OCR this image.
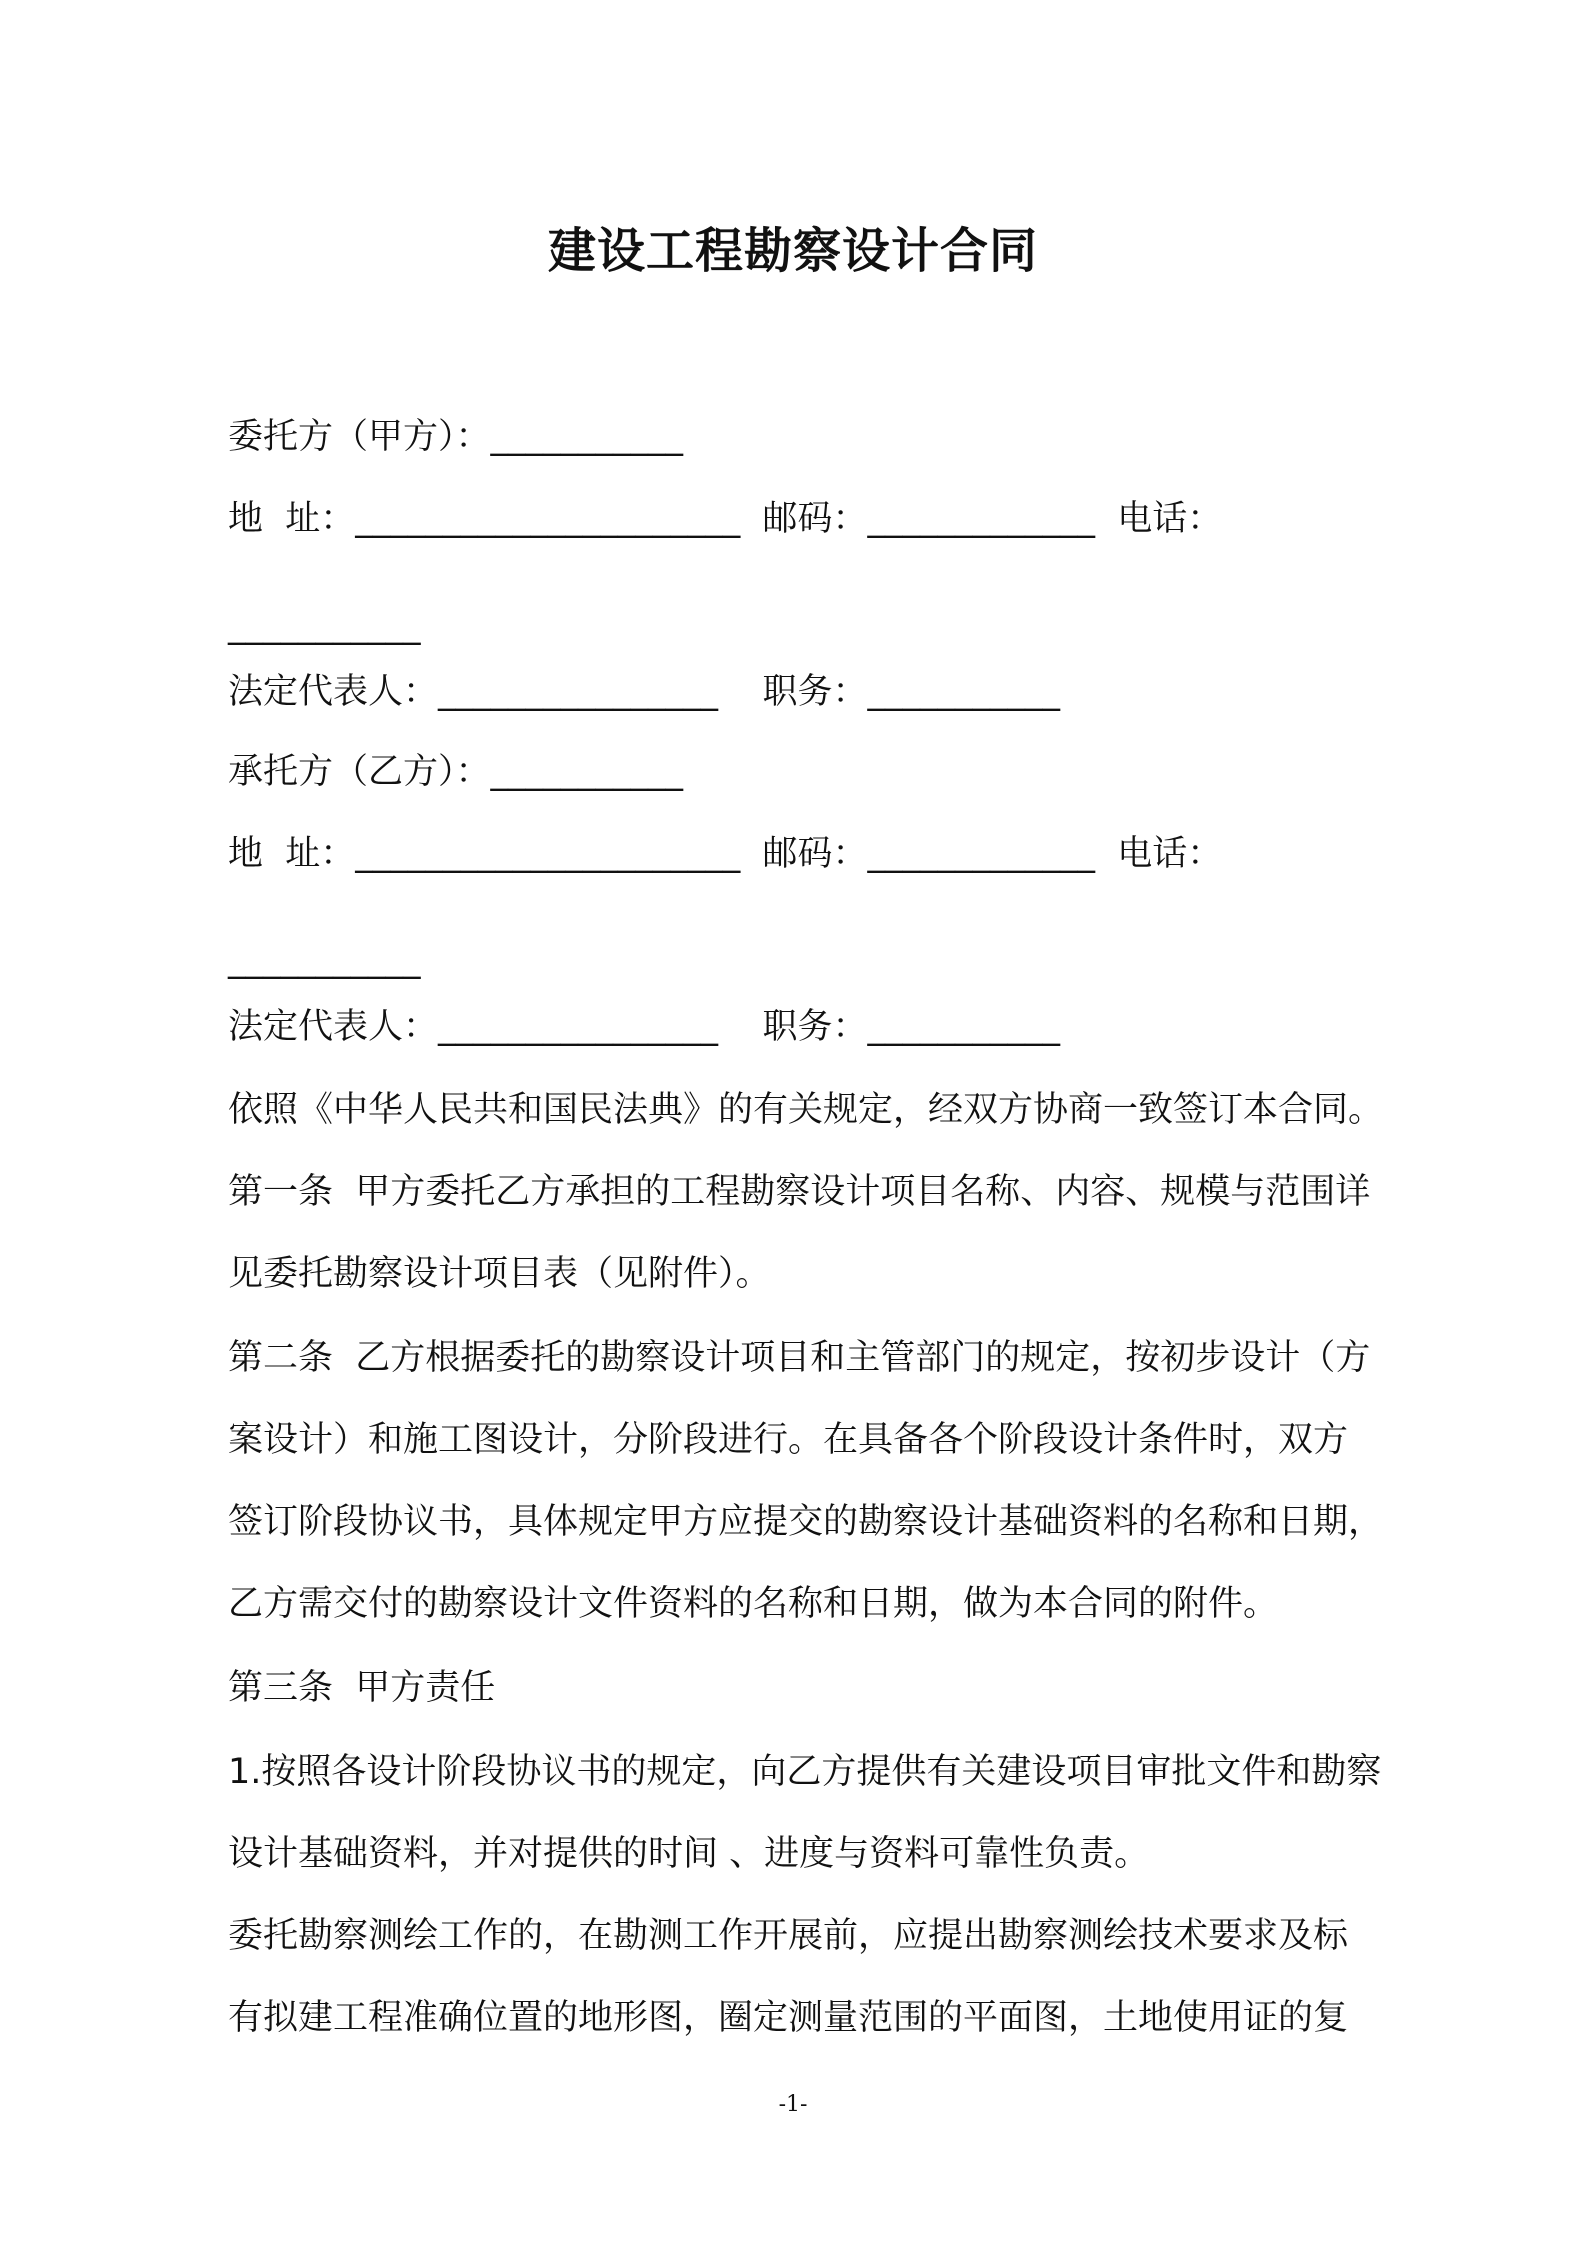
建设工程勘察设计合同
委托方（甲方）：___________
地  址：______________________  邮码：_____________  电话：
___________
法定代表人：________________    职务：___________
承托方（乙方）：___________
地  址：______________________  邮码：_____________  电话：
___________
法定代表人：________________    职务：___________
依照《中华人民共和国民法典》的有关规定，经双方协商一致签订本合同。
第一条  甲方委托乙方承担的工程勘察设计项目名称、内容、规模与范围详
见委托勘察设计项目表（见附件）。
第二条  乙方根据委托的勘察设计项目和主管部门的规定，按初步设计（方
案设计）和施工图设计，分阶段进行。在具备各个阶段设计条件时，双方
签订阶段协议书，具体规定甲方应提交的勘察设计基础资料的名称和日期，
乙方需交付的勘察设计文件资料的名称和日期，做为本合同的附件。
第三条  甲方责任
1.按照各设计阶段协议书的规定，向乙方提供有关建设项目审批文件和勘察
设计基础资料，并对提供的时间 、进度与资料可靠性负责。
委托勘察测绘工作的，在勘测工作开展前，应提出勘察测绘技术要求及标
有拟建工程准确位置的地形图，圈定测量范围的平面图，土地使用证的复
-1-
